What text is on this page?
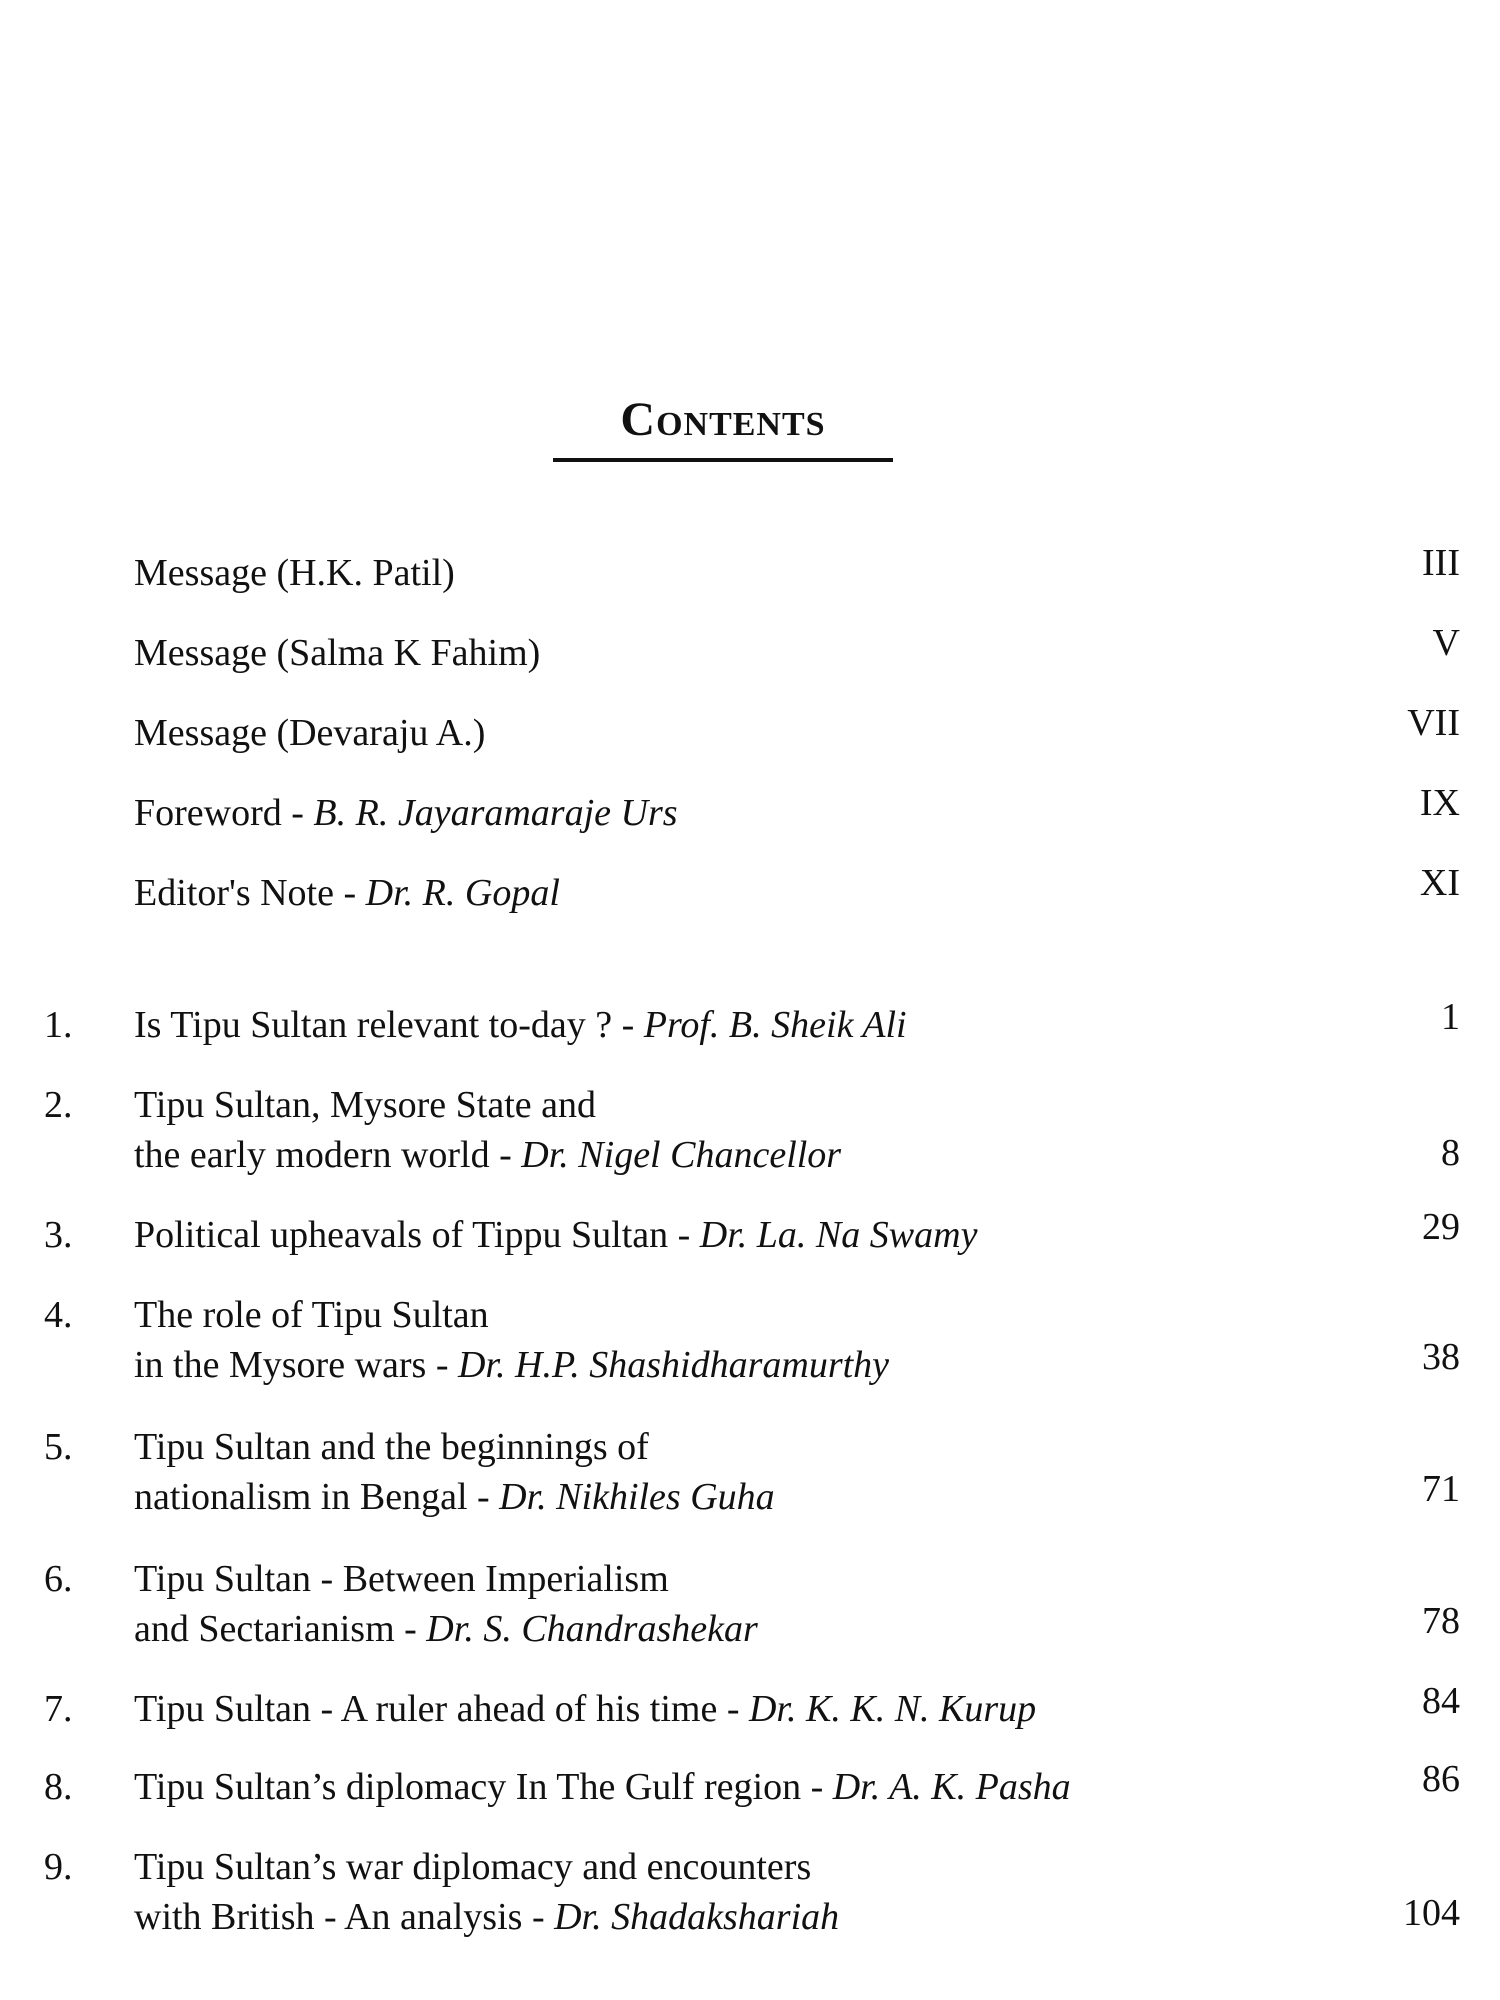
Contents
Message (H.K. Patil)	III
Message (Salma K Fahim)	V
Message (Devaraju A.)	VII
Foreword - B. R. Jayaramaraje Urs	IX
Editor's Note - Dr. R. Gopal	XI
1.	Is Tipu Sultan relevant to-day ? - Prof. B. Sheik Ali	1
2.	Tipu Sultan, Mysore State and
the early modern world - Dr. Nigel Chancellor	8
3.	Political upheavals of Tippu Sultan - Dr. La. Na Swamy	29
4.	The role of Tipu Sultan
in the Mysore wars - Dr. H.P. Shashidharamurthy	38
5.	Tipu Sultan and the beginnings of
nationalism in Bengal - Dr. Nikhiles Guha	71
6.	Tipu Sultan - Between Imperialism
and Sectarianism - Dr. S. Chandrashekar	78
7.	Tipu Sultan - A ruler ahead of his time - Dr. K. K. N. Kurup	84
8.	Tipu Sultan’s diplomacy In The Gulf region - Dr. A. K. Pasha	86
9.	Tipu Sultan’s war diplomacy and encounters
with British - An analysis - Dr. Shadakshariah	104
